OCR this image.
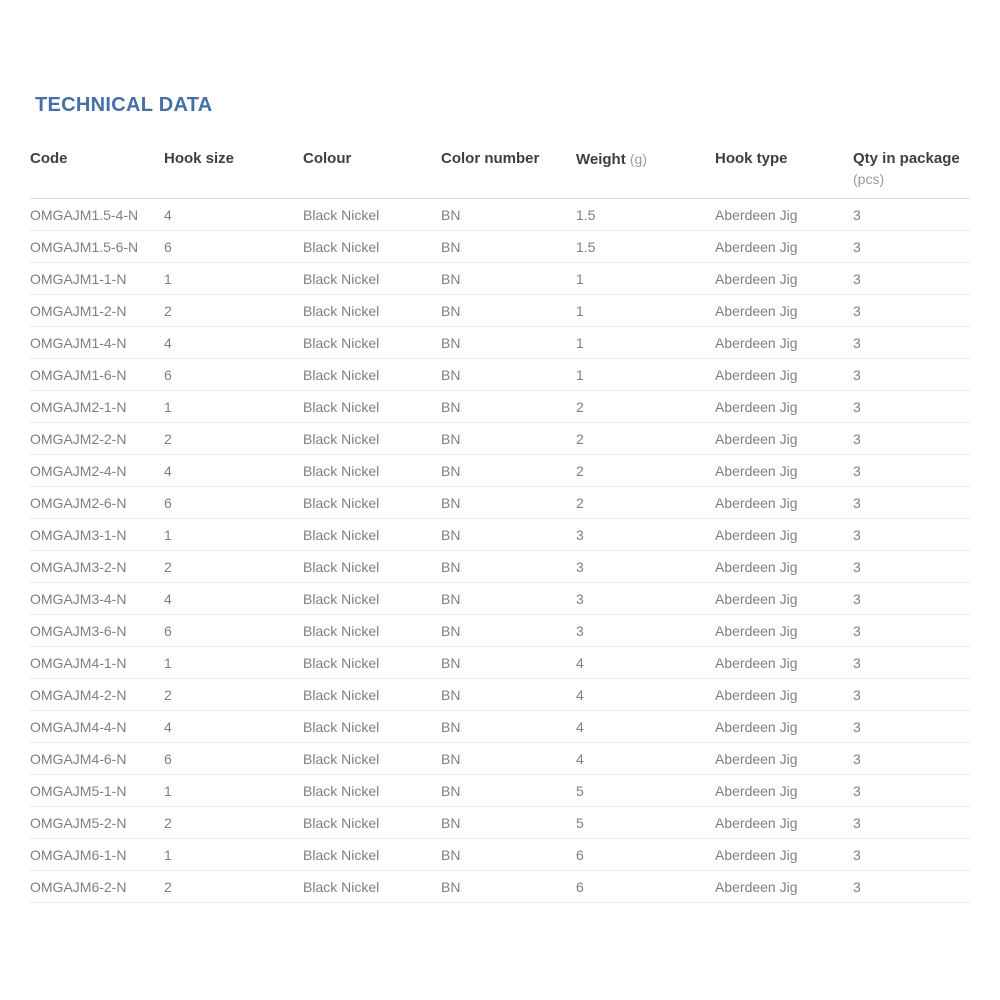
TECHNICAL DATA
Code	Hook size	Colour	Color number	Weight (g)	Hook type	Qty in package
(pcs)

OMGAJM1.5-4-N	4	Black Nickel	BN	1.5	Aberdeen Jig	3
OMGAJM1.5-6-N	6	Black Nickel	BN	1.5	Aberdeen Jig	3
OMGAJM1-1-N	1	Black Nickel	BN	1	Aberdeen Jig	3
OMGAJM1-2-N	2	Black Nickel	BN	1	Aberdeen Jig	3
OMGAJM1-4-N	4	Black Nickel	BN	1	Aberdeen Jig	3
OMGAJM1-6-N	6	Black Nickel	BN	1	Aberdeen Jig	3
OMGAJM2-1-N	1	Black Nickel	BN	2	Aberdeen Jig	3
OMGAJM2-2-N	2	Black Nickel	BN	2	Aberdeen Jig	3
OMGAJM2-4-N	4	Black Nickel	BN	2	Aberdeen Jig	3
OMGAJM2-6-N	6	Black Nickel	BN	2	Aberdeen Jig	3
OMGAJM3-1-N	1	Black Nickel	BN	3	Aberdeen Jig	3
OMGAJM3-2-N	2	Black Nickel	BN	3	Aberdeen Jig	3
OMGAJM3-4-N	4	Black Nickel	BN	3	Aberdeen Jig	3
OMGAJM3-6-N	6	Black Nickel	BN	3	Aberdeen Jig	3
OMGAJM4-1-N	1	Black Nickel	BN	4	Aberdeen Jig	3
OMGAJM4-2-N	2	Black Nickel	BN	4	Aberdeen Jig	3
OMGAJM4-4-N	4	Black Nickel	BN	4	Aberdeen Jig	3
OMGAJM4-6-N	6	Black Nickel	BN	4	Aberdeen Jig	3
OMGAJM5-1-N	1	Black Nickel	BN	5	Aberdeen Jig	3
OMGAJM5-2-N	2	Black Nickel	BN	5	Aberdeen Jig	3
OMGAJM6-1-N	1	Black Nickel	BN	6	Aberdeen Jig	3
OMGAJM6-2-N	2	Black Nickel	BN	6	Aberdeen Jig	3
